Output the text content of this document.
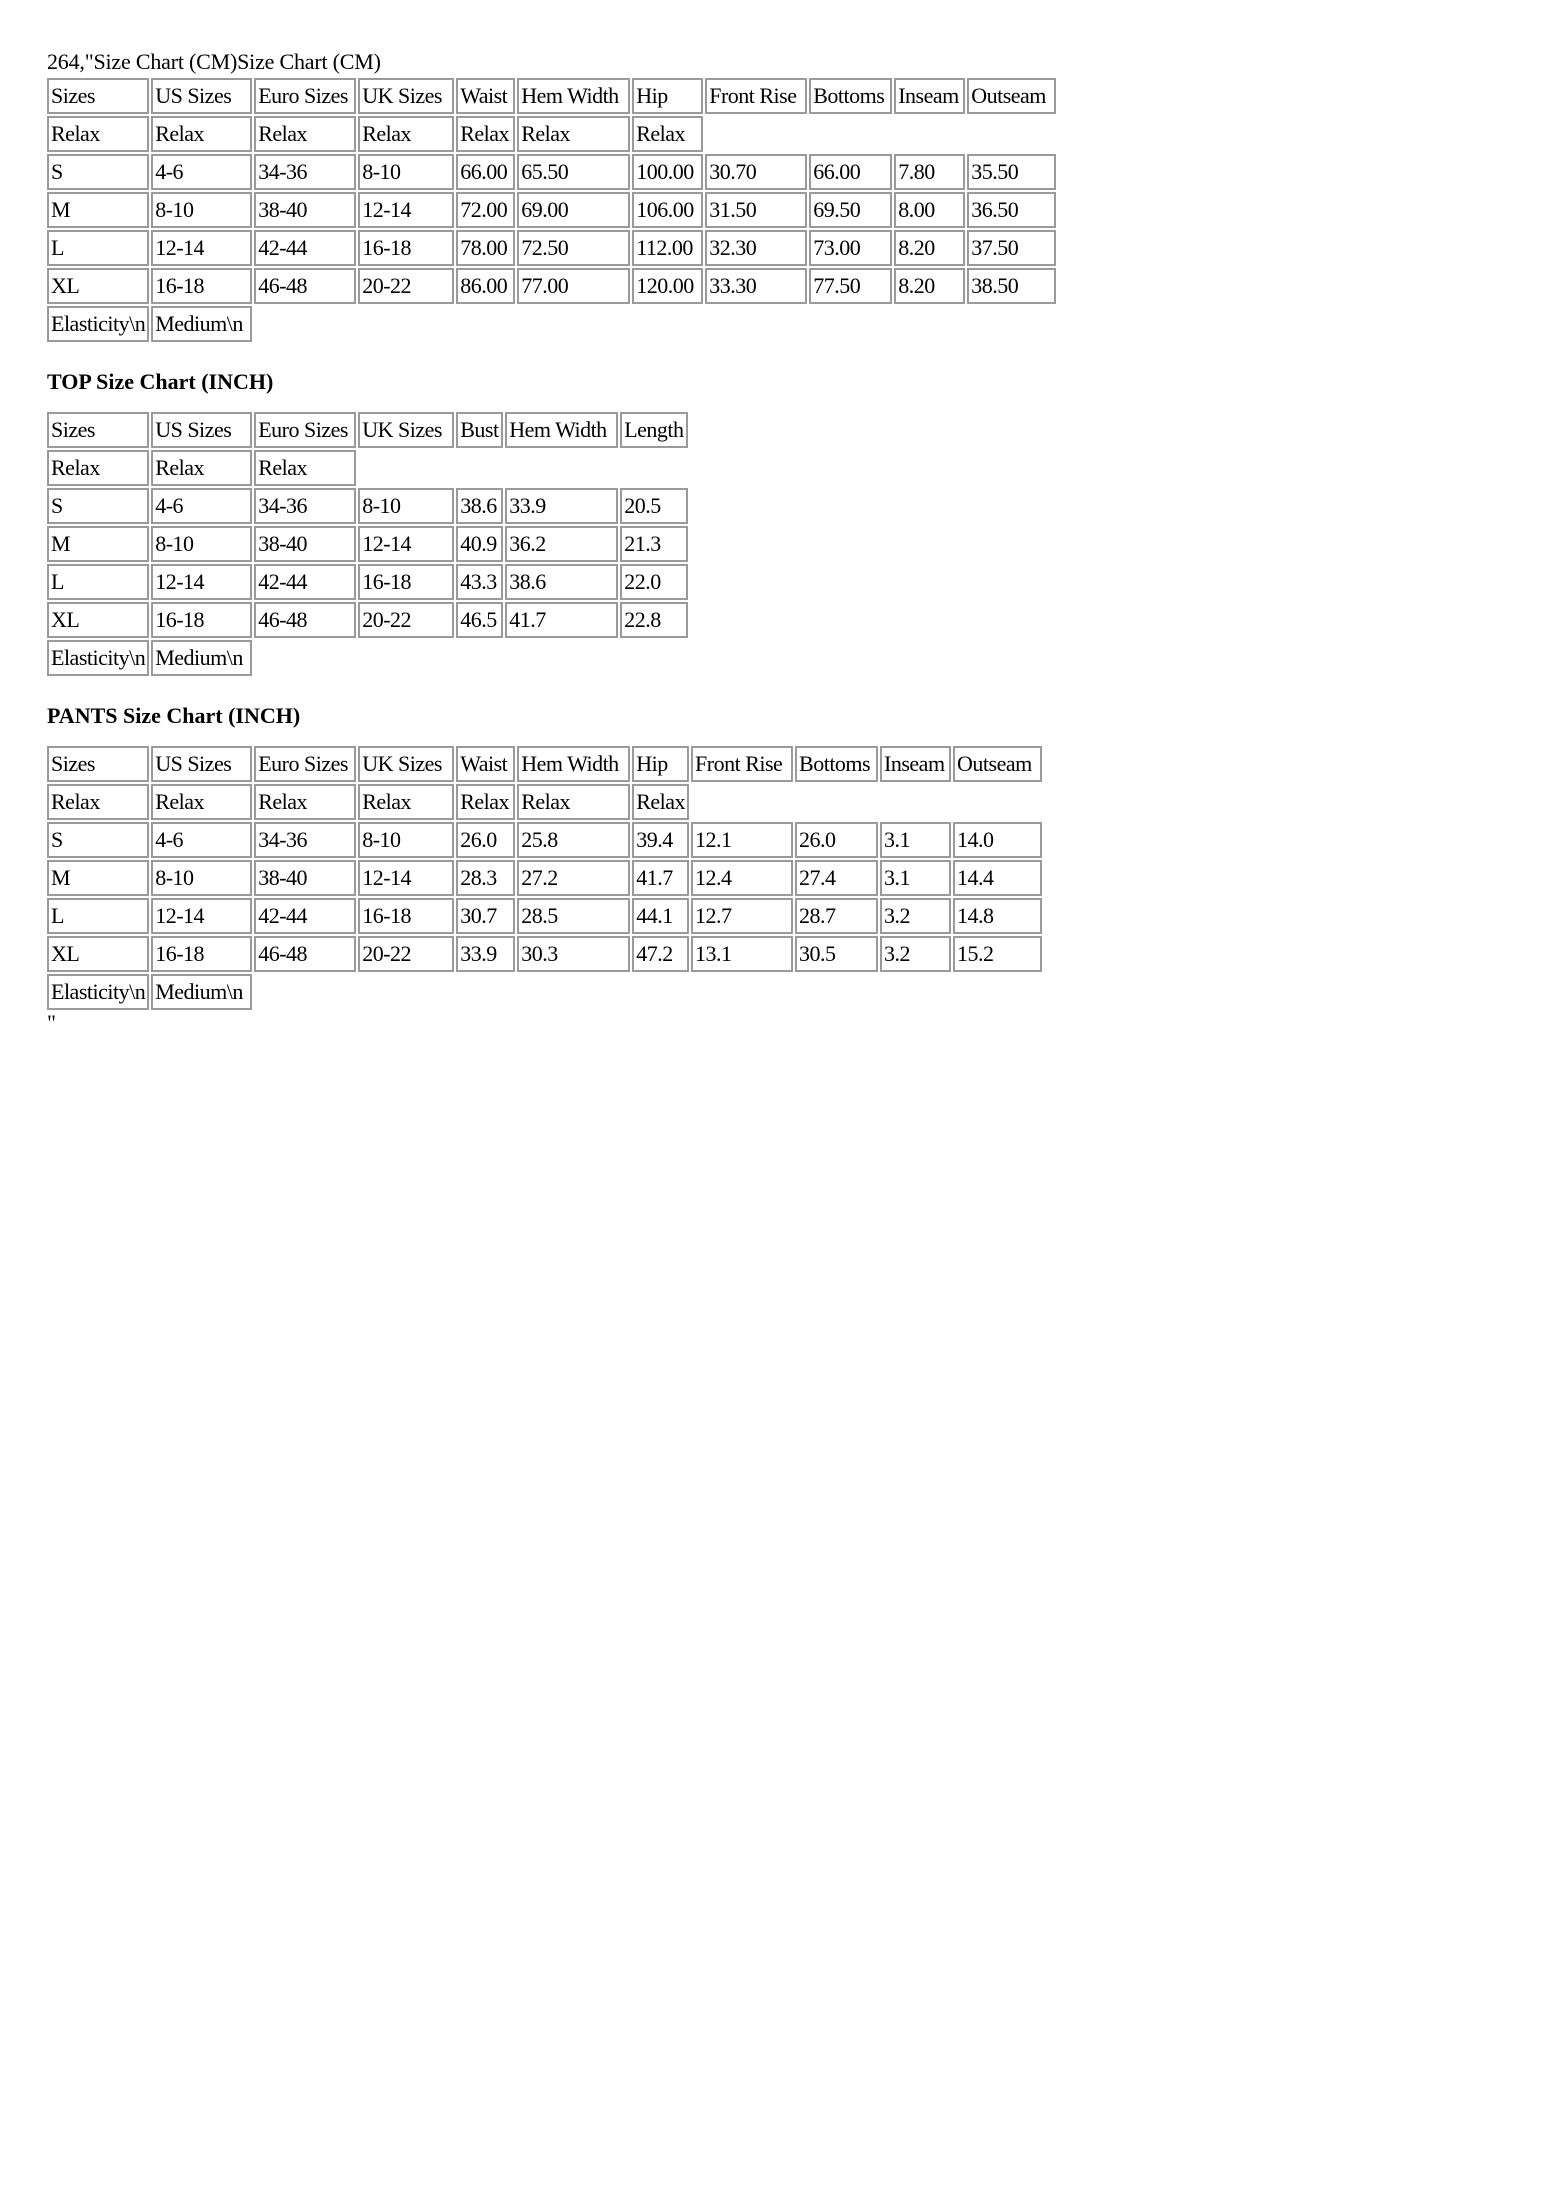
264,"Size Chart (CM)Size Chart (CM)
Sizes	US Sizes	Euro Sizes	UK Sizes	Waist	Hem Width	Hip	Front Rise	Bottoms	Inseam	Outseam
Relax	Relax	Relax	Relax	Relax	Relax	Relax				
S	4-6	34-36	8-10	66.00	65.50	100.00	30.70	66.00	7.80	35.50
M	8-10	38-40	12-14	72.00	69.00	106.00	31.50	69.50	8.00	36.50
L	12-14	42-44	16-18	78.00	72.50	112.00	32.30	73.00	8.20	37.50
XL	16-18	46-48	20-22	86.00	77.00	120.00	33.30	77.50	8.20	38.50
Elasticity\n	Medium\n									
TOP Size Chart (INCH)
Sizes	US Sizes	Euro Sizes	UK Sizes	Bust	Hem Width	Length
Relax	Relax	Relax				
S	4-6	34-36	8-10	38.6	33.9	20.5
M	8-10	38-40	12-14	40.9	36.2	21.3
L	12-14	42-44	16-18	43.3	38.6	22.0
XL	16-18	46-48	20-22	46.5	41.7	22.8
Elasticity\n	Medium\n					
PANTS Size Chart (INCH)
Sizes	US Sizes	Euro Sizes	UK Sizes	Waist	Hem Width	Hip	Front Rise	Bottoms	Inseam	Outseam
Relax	Relax	Relax	Relax	Relax	Relax	Relax				
S	4-6	34-36	8-10	26.0	25.8	39.4	12.1	26.0	3.1	14.0
M	8-10	38-40	12-14	28.3	27.2	41.7	12.4	27.4	3.1	14.4
L	12-14	42-44	16-18	30.7	28.5	44.1	12.7	28.7	3.2	14.8
XL	16-18	46-48	20-22	33.9	30.3	47.2	13.1	30.5	3.2	15.2
Elasticity\n	Medium\n									
"
